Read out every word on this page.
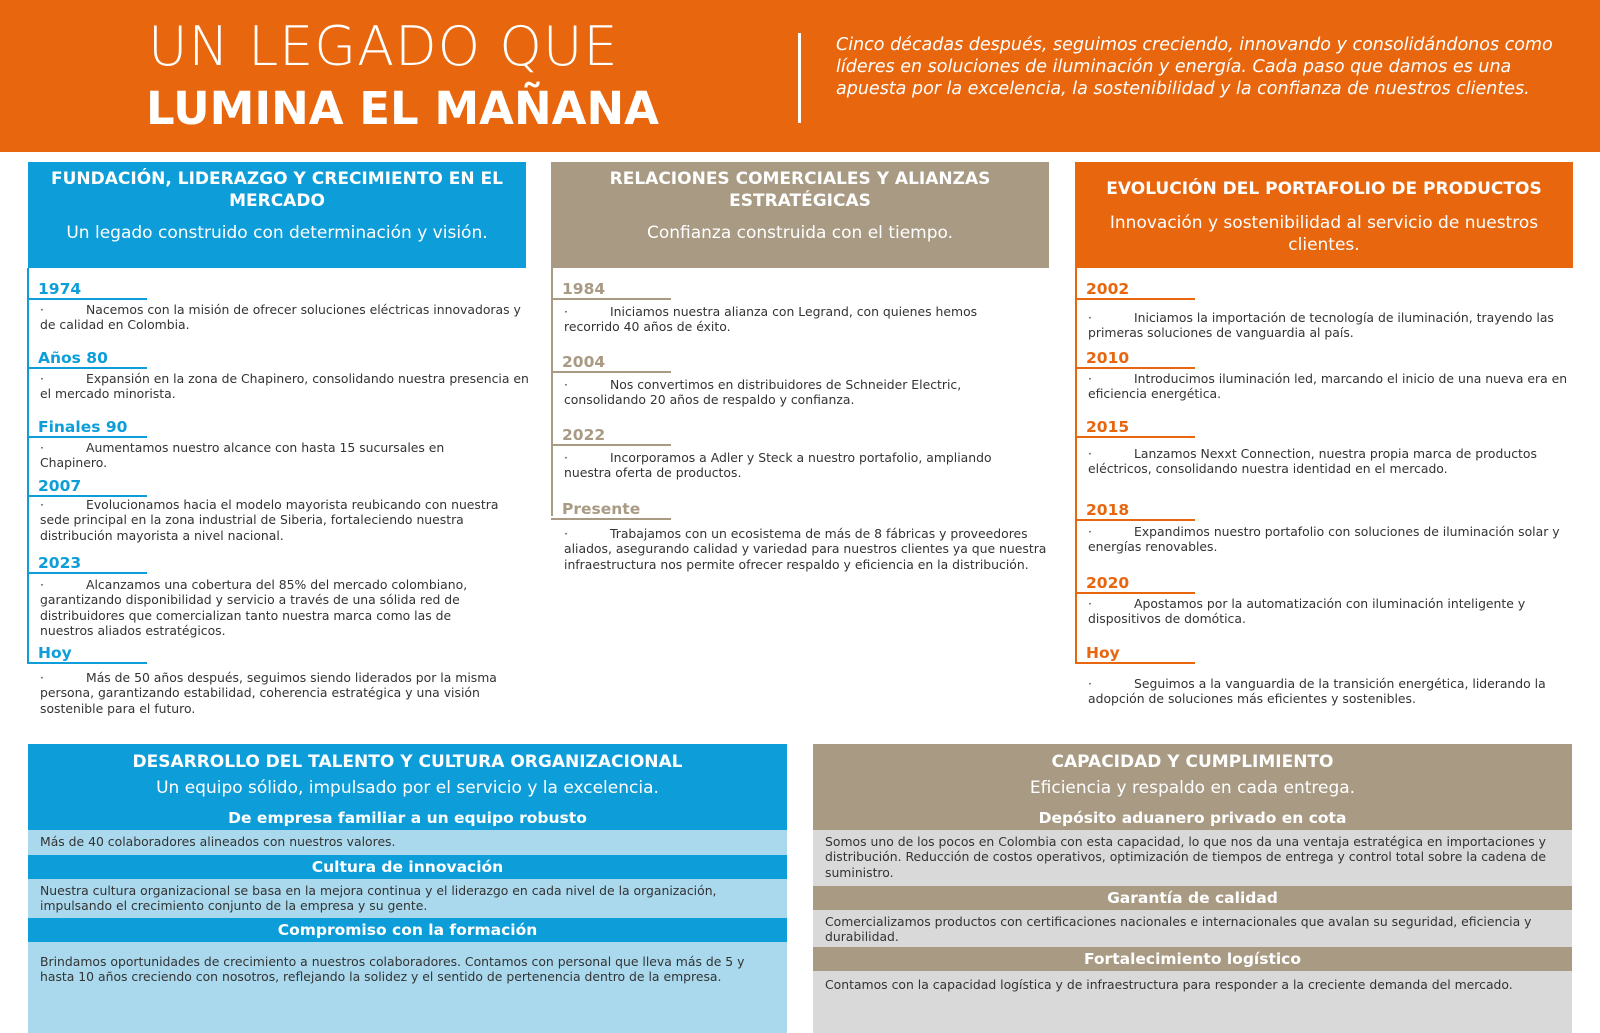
UN LEGADO QUE
LUMINA EL MAÑANA
Cinco décadas después, seguimos creciendo, innovando y consolidándonos como líderes en soluciones de iluminación y energía. Cada paso que damos es una apuesta por la excelencia, la sostenibilidad y la confianza de nuestros clientes.
FUNDACIÓN, LIDERAZGO Y CRECIMIENTO EN EL MERCADO
Un legado construido con determinación y visión.
1974
·	Nacemos con la misión de ofrecer soluciones eléctricas innovadoras y de calidad en Colombia.
Años 80
·	Expansión en la zona de Chapinero, consolidando nuestra presencia en el mercado minorista.
Finales 90
·	Aumentamos nuestro alcance con hasta 15 sucursales en Chapinero.
2007
·	Evolucionamos hacia el modelo mayorista reubicando con nuestra sede principal en la zona industrial de Siberia, fortaleciendo nuestra distribución mayorista a nivel nacional.
2023
·	Alcanzamos una cobertura del 85% del mercado colombiano, garantizando disponibilidad y servicio a través de una sólida red de distribuidores que comercializan tanto nuestra marca como las de nuestros aliados estratégicos.
Hoy
·	Más de 50 años después, seguimos siendo liderados por la misma persona, garantizando estabilidad, coherencia estratégica y una visión sostenible para el futuro.
RELACIONES COMERCIALES Y ALIANZAS ESTRATÉGICAS
Confianza construida con el tiempo.
1984
·	Iniciamos nuestra alianza con Legrand, con quienes hemos recorrido 40 años de éxito.
2004
·	Nos convertimos en distribuidores de Schneider Electric, consolidando 20 años de respaldo y confianza.
2022
·	Incorporamos a Adler y Steck a nuestro portafolio, ampliando nuestra oferta de productos.
Presente
·	Trabajamos con un ecosistema de más de 8 fábricas y proveedores aliados, asegurando calidad y variedad para nuestros clientes ya que nuestra infraestructura nos permite ofrecer respaldo y eficiencia en la distribución.
EVOLUCIÓN DEL PORTAFOLIO DE PRODUCTOS
Innovación y sostenibilidad al servicio de nuestros clientes.
2002
·	Iniciamos la importación de tecnología de iluminación, trayendo las primeras soluciones de vanguardia al país.
2010
·	Introducimos iluminación led, marcando el inicio de una nueva era en eficiencia energética.
2015
·	Lanzamos Nexxt Connection, nuestra propia marca de productos eléctricos, consolidando nuestra identidad en el mercado.
2018
·	Expandimos nuestro portafolio con soluciones de iluminación solar y energías renovables.
2020
·	Apostamos por la automatización con iluminación inteligente y dispositivos de domótica.
Hoy
·	Seguimos a la vanguardia de la transición energética, liderando la adopción de soluciones más eficientes y sostenibles.
DESARROLLO DEL TALENTO Y CULTURA ORGANIZACIONAL
Un equipo sólido, impulsado por el servicio y la excelencia.
De empresa familiar a un equipo robusto
Más de 40 colaboradores alineados con nuestros valores.
Cultura de innovación
Nuestra cultura organizacional se basa en la mejora continua y el liderazgo en cada nivel de la organización, impulsando el crecimiento conjunto de la empresa y su gente.
Compromiso con la formación
Brindamos oportunidades de crecimiento a nuestros colaboradores. Contamos con personal que lleva más de 5 y hasta 10 años creciendo con nosotros, reflejando la solidez y el sentido de pertenencia dentro de la empresa.
CAPACIDAD Y CUMPLIMIENTO
Eficiencia y respaldo en cada entrega.
Depósito aduanero privado en cota
Somos uno de los pocos en Colombia con esta capacidad, lo que nos da una ventaja estratégica en importaciones y distribución. Reducción de costos operativos, optimización de tiempos de entrega y control total sobre la cadena de suministro.
Garantía de calidad
Comercializamos productos con certificaciones nacionales e internacionales que avalan su seguridad, eficiencia y durabilidad.
Fortalecimiento logístico
Contamos con la capacidad logística y de infraestructura para responder a la creciente demanda del mercado.
